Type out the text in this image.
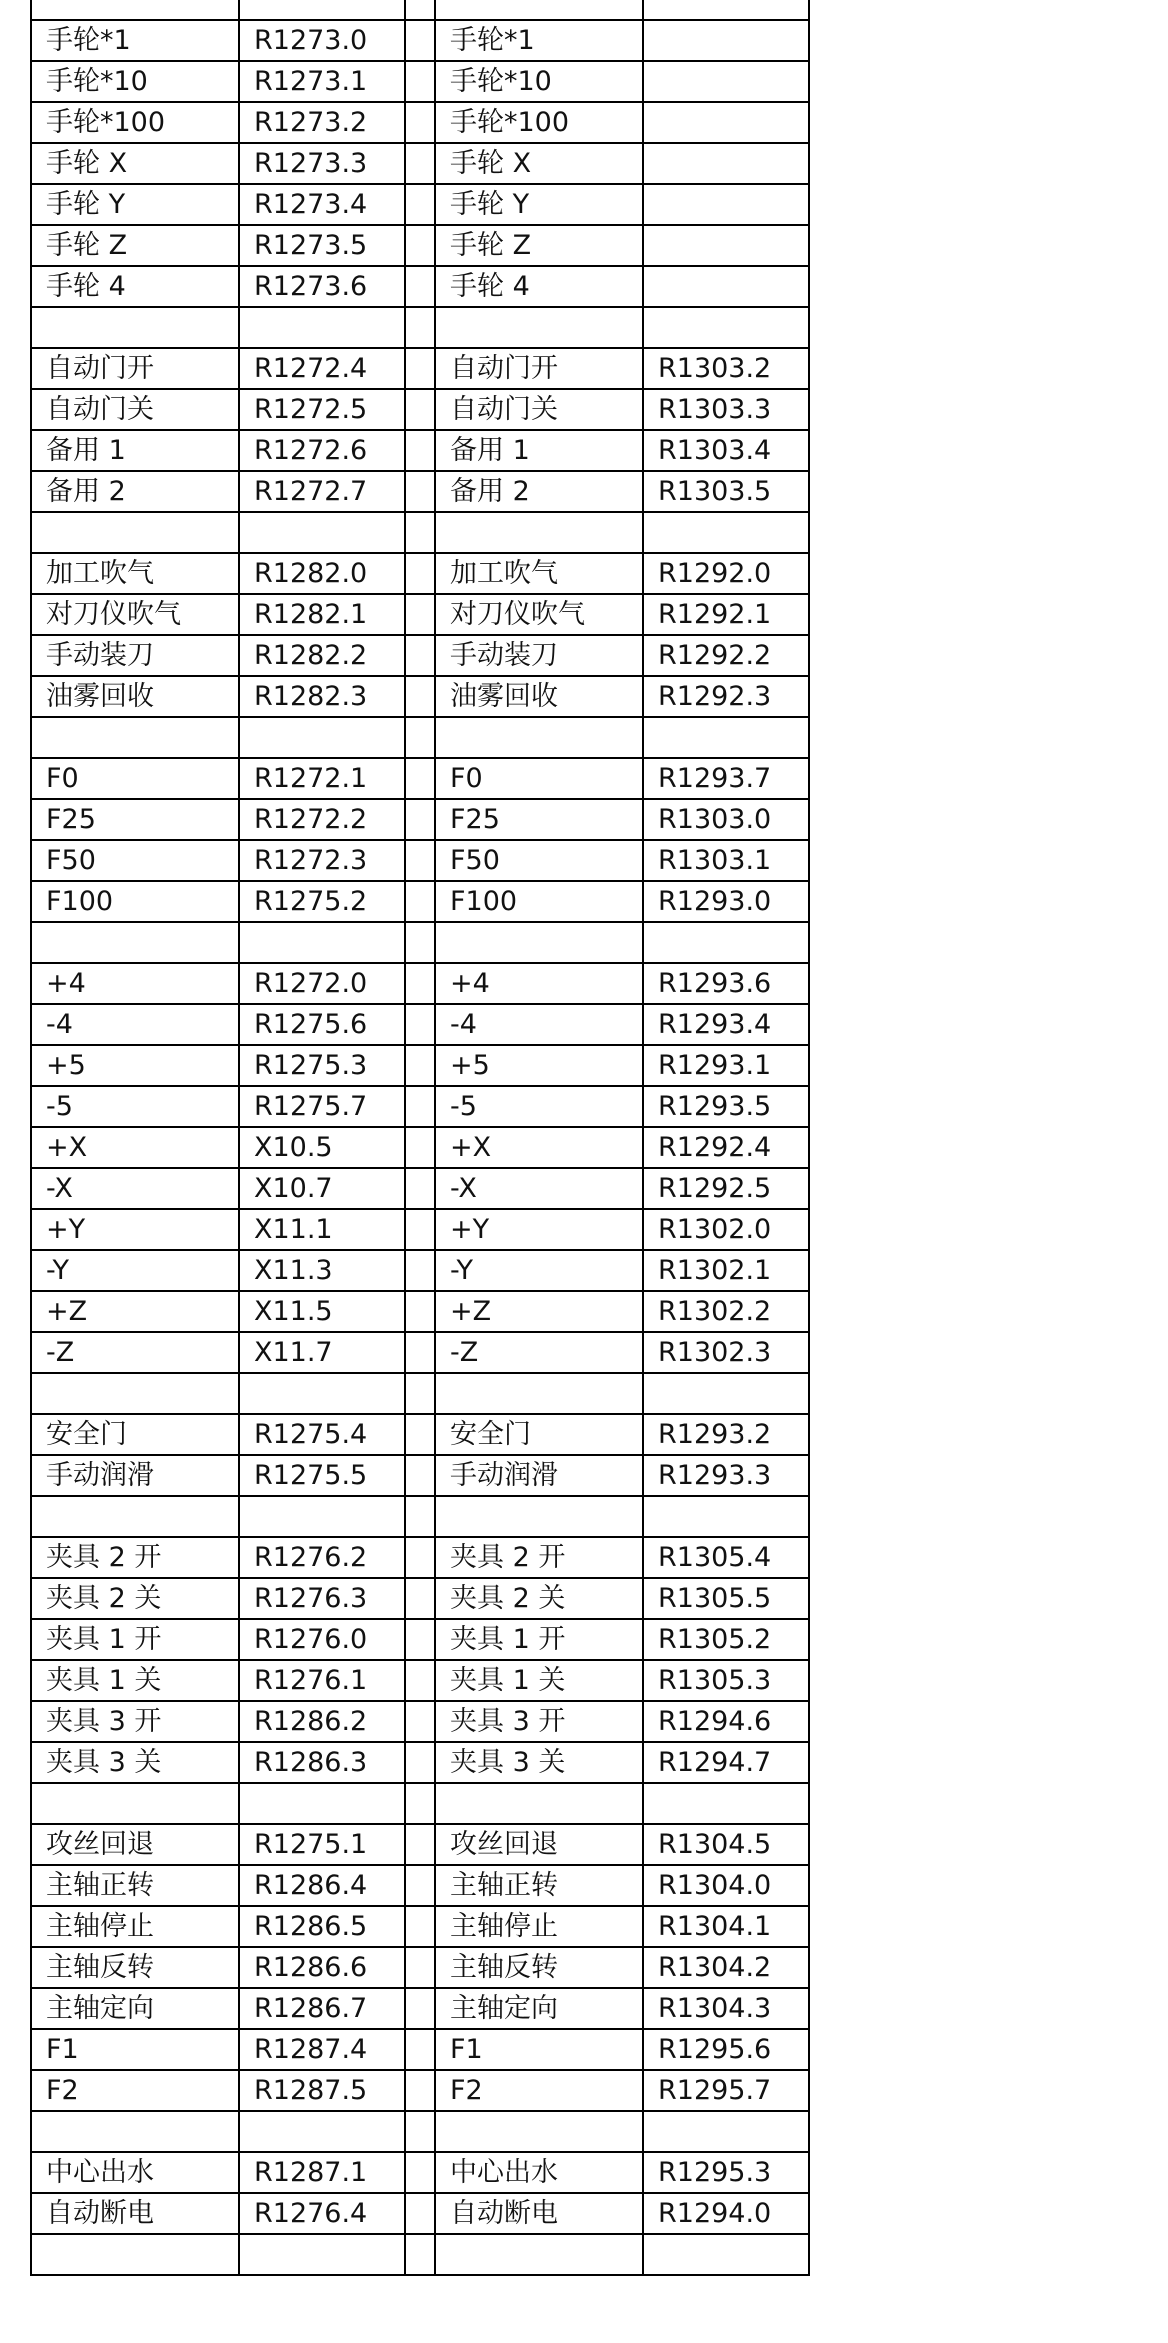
手轮*1	R1273.0		手轮*1	
手轮*10	R1273.1		手轮*10	
手轮*100	R1273.2		手轮*100	
手轮 X	R1273.3		手轮 X	
手轮 Y	R1273.4		手轮 Y	
手轮 Z	R1273.5		手轮 Z	
手轮 4	R1273.6		手轮 4	

自动门开	R1272.4		自动门开	R1303.2
自动门关	R1272.5		自动门关	R1303.3
备用 1	R1272.6		备用 1	R1303.4
备用 2	R1272.7		备用 2	R1303.5

加工吹气	R1282.0		加工吹气	R1292.0
对刀仪吹气	R1282.1		对刀仪吹气	R1292.1
手动装刀	R1282.2		手动装刀	R1292.2
油雾回收	R1282.3		油雾回收	R1292.3

F0	R1272.1		F0	R1293.7
F25	R1272.2		F25	R1303.0
F50	R1272.3		F50	R1303.1
F100	R1275.2		F100	R1293.0

+4	R1272.0		+4	R1293.6
-4	R1275.6		-4	R1293.4
+5	R1275.3		+5	R1293.1
-5	R1275.7		-5	R1293.5
+X	X10.5		+X	R1292.4
-X	X10.7		-X	R1292.5
+Y	X11.1		+Y	R1302.0
-Y	X11.3		-Y	R1302.1
+Z	X11.5		+Z	R1302.2
-Z	X11.7		-Z	R1302.3

安全门	R1275.4		安全门	R1293.2
手动润滑	R1275.5		手动润滑	R1293.3

夹具 2 开	R1276.2		夹具 2 开	R1305.4
夹具 2 关	R1276.3		夹具 2 关	R1305.5
夹具 1 开	R1276.0		夹具 1 开	R1305.2
夹具 1 关	R1276.1		夹具 1 关	R1305.3
夹具 3 开	R1286.2		夹具 3 开	R1294.6
夹具 3 关	R1286.3		夹具 3 关	R1294.7

攻丝回退	R1275.1		攻丝回退	R1304.5
主轴正转	R1286.4		主轴正转	R1304.0
主轴停止	R1286.5		主轴停止	R1304.1
主轴反转	R1286.6		主轴反转	R1304.2
主轴定向	R1286.7		主轴定向	R1304.3
F1	R1287.4		F1	R1295.6
F2	R1287.5		F2	R1295.7

中心出水	R1287.1		中心出水	R1295.3
自动断电	R1276.4		自动断电	R1294.0
